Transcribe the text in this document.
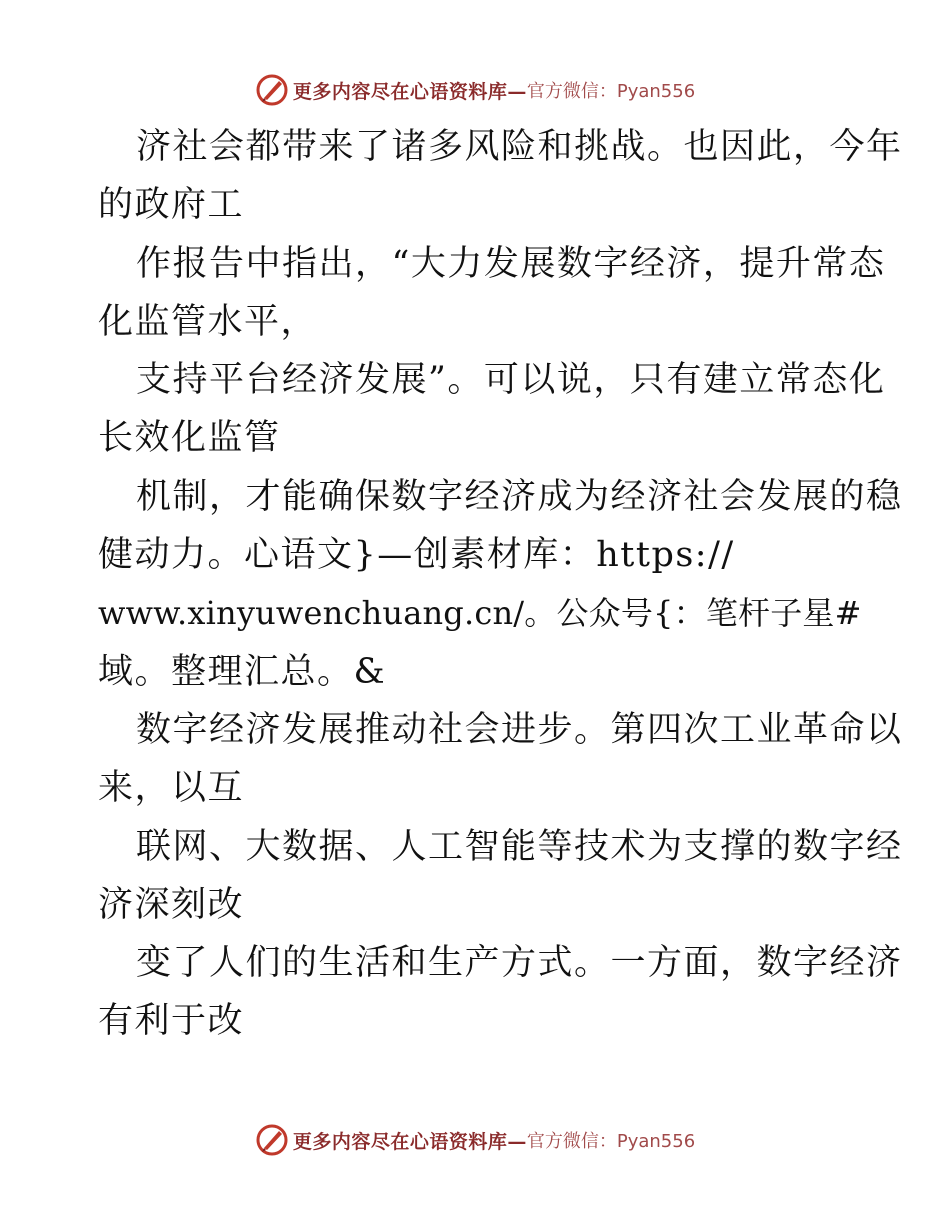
更多内容尽在心语资料库— 官方微信：Pyan556
济社会都带来了诸多风险和挑战。也因此，今年
的政府工
作报告中指出，“大力发展数字经济，提升常态
化监管水平，
支持平台经济发展”。可以说，只有建立常态化
长效化监管
机制，才能确保数字经济成为经济社会发展的稳
健动力。心语文}—创素材库：https://
www.xinyuwenchuang.cn/。公众号{：笔杆子星#
域。整理汇总。&
数字经济发展推动社会进步。第四次工业革命以
来，以互
联网、大数据、人工智能等技术为支撑的数字经
济深刻改
变了人们的生活和生产方式。一方面，数字经济
有利于改
更多内容尽在心语资料库— 官方微信：Pyan556
